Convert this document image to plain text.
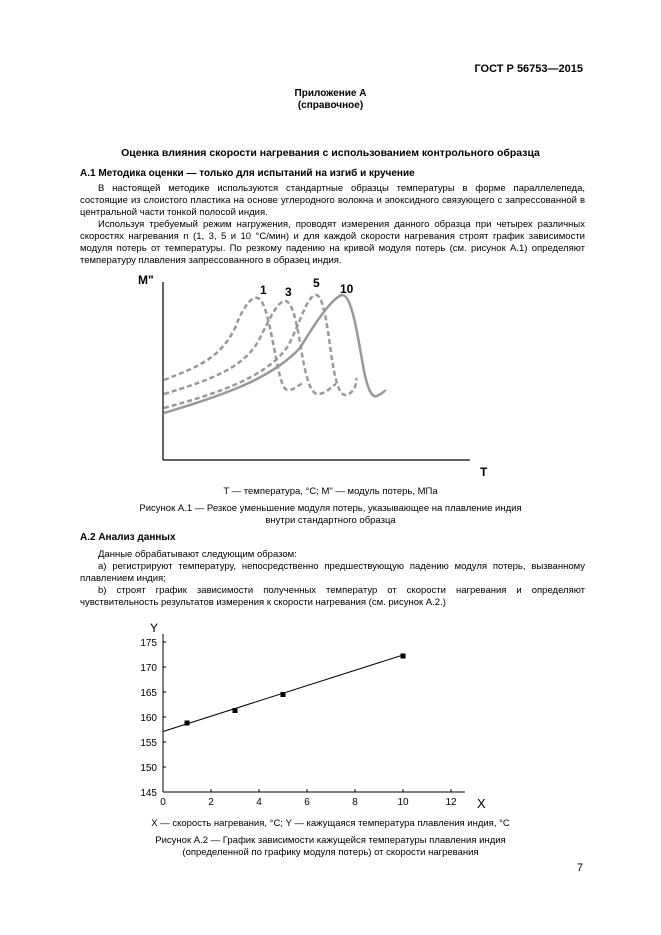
ГОСТ Р 56753—2015
Приложение А
(справочное)
Оценка влияния скорости нагревания с использованием контрольного образца
А.1 Методика оценки — только для испытаний на изгиб и кручение

В настоящей методике используются стандартные образцы температуры в форме параллелепеда, состоящие из слоистого пластика на основе углеродного волокна и эпоксидного связующего с запрессованной в центральной части тонкой полосой индия.

Используя требуемый режим нагружения, проводят измерения данного образца при четырех различных скоростях нагревания n (1, 3, 5 и 10 °С/мин) и для каждой скорости нагревания строят график зависимости модуля потерь от температуры. По резкому падению на кривой модуля потерь (см. рисунок А.1) определяют температуру плавления запрессованного в образец индия.

M"
T
1 3
5 10
T — температура, °С; M" — модуль потерь, МПа
Рисунок А.1 — Резкое уменьшение модуля потерь, указывающее на плавление индия
внутри стандартного образца
А.2 Анализ данных

Данные обрабатывают следующим образом:

a) регистрируют температуру, непосредственно предшествующую падению модуля потерь, вызванному плавлением индия;

b) строят график зависимости полученных температур от скорости нагревания и определяют чувствительность результатов измерения к скорости нагревания (см. рисунок А.2.)

Y
X
0	2	4	6	8	10	12
145
150
155
160
165
170
175
X — скорость нагревания, °С; Y — кажущаяся температура плавления индия, °С
Рисунок А.2 — График зависимости кажущейся температуры плавления индия
(определенной по графику модуля потерь) от скорости нагревания
7
